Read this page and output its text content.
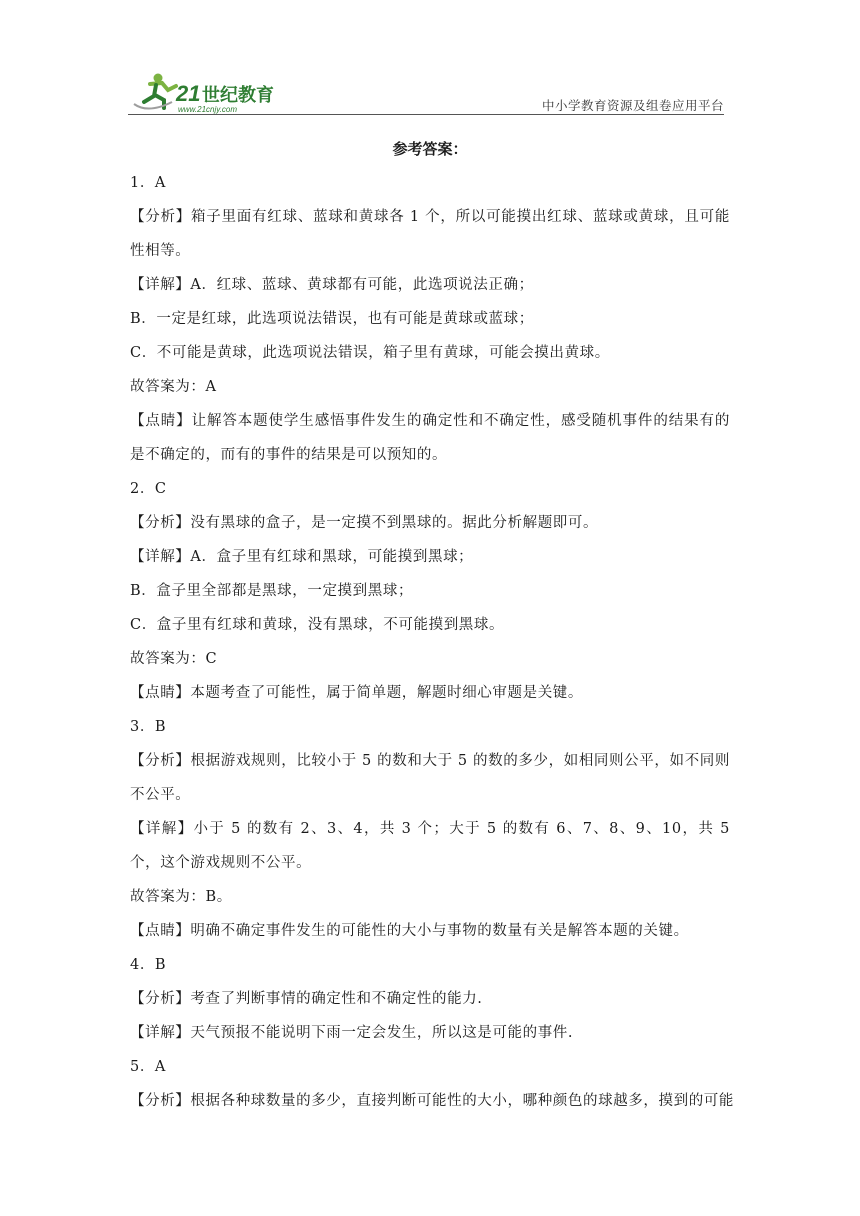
21 世纪教育
www.21cnjy.com	中小学教育资源及组卷应用平台
参考答案：
1．A
【分析】箱子里面有红球、蓝球和黄球各 1 个，所以可能摸出红球、蓝球或黄球，且可能性相等。
【详解】A．红球、蓝球、黄球都有可能，此选项说法正确；
B．一定是红球，此选项说法错误，也有可能是黄球或蓝球；
C．不可能是黄球，此选项说法错误，箱子里有黄球，可能会摸出黄球。
故答案为：A
【点睛】让解答本题使学生感悟事件发生的确定性和不确定性，感受随机事件的结果有的是不确定的，而有的事件的结果是可以预知的。
2．C
【分析】没有黑球的盒子，是一定摸不到黑球的。据此分析解题即可。
【详解】A．盒子里有红球和黑球，可能摸到黑球；
B．盒子里全部都是黑球，一定摸到黑球；
C．盒子里有红球和黄球，没有黑球，不可能摸到黑球。
故答案为：C
【点睛】本题考查了可能性，属于简单题，解题时细心审题是关键。
3．B
【分析】根据游戏规则，比较小于 5 的数和大于 5 的数的多少，如相同则公平，如不同则不公平。
【详解】小于 5 的数有 2、3、4，共 3 个；大于 5 的数有 6、7、8、9、10，共 5 个，这个游戏规则不公平。
故答案为：B。
【点睛】明确不确定事件发生的可能性的大小与事物的数量有关是解答本题的关键。
4．B
【分析】考查了判断事情的确定性和不确定性的能力.
【详解】天气预报不能说明下雨一定会发生，所以这是可能的事件.
5．A
【分析】根据各种球数量的多少，直接判断可能性的大小，哪种颜色的球越多，摸到的可能
